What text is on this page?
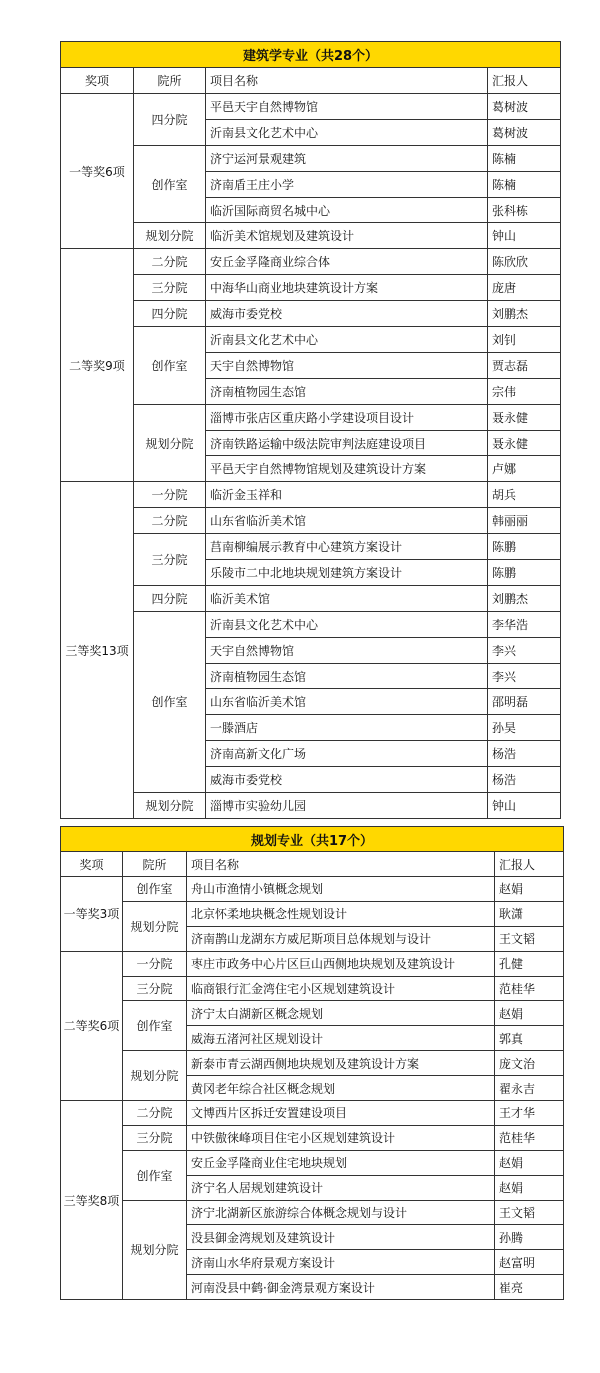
建筑学专业（共28个）			
奖项	院所	项目名称	汇报人
一等奖6项	四分院	平邑天宇自然博物馆	葛树波
		沂南县文化艺术中心	葛树波
	创作室	济宁运河景观建筑	陈楠
		济南盾王庄小学	陈楠
		临沂国际商贸名城中心	张科栋
	规划分院	临沂美术馆规划及建筑设计	钟山
二等奖9项	二分院	安丘金孚隆商业综合体	陈欣欣
	三分院	中海华山商业地块建筑设计方案	庞唐
	四分院	威海市委党校	刘鹏杰
	创作室	沂南县文化艺术中心	刘钊
		天宇自然博物馆	贾志磊
		济南植物园生态馆	宗伟
	规划分院	淄博市张店区重庆路小学建设项目设计	聂永健
		济南铁路运输中级法院审判法庭建设项目	聂永健
		平邑天宇自然博物馆规划及建筑设计方案	卢娜
三等奖13项	一分院	临沂金玉祥和	胡兵
	二分院	山东省临沂美术馆	韩丽丽
	三分院	莒南柳编展示教育中心建筑方案设计	陈鹏
		乐陵市二中北地块规划建筑方案设计	陈鹏
	四分院	临沂美术馆	刘鹏杰
	创作室	沂南县文化艺术中心	李华浩
		天宇自然博物馆	李兴
		济南植物园生态馆	李兴
		山东省临沂美术馆	邵明磊
		一滕酒店	孙昊
		济南高新文化广场	杨浩
		威海市委党校	杨浩
	规划分院	淄博市实验幼儿园	钟山
规划专业（共17个）			
奖项	院所	项目名称	汇报人
一等奖3项	创作室	舟山市渔情小镇概念规划	赵娟
	规划分院	北京怀柔地块概念性规划设计	耿潇
		济南鹊山龙湖东方威尼斯项目总体规划与设计	王文韬
二等奖6项	一分院	枣庄市政务中心片区巨山西侧地块规划及建筑设计	孔健
	三分院	临商银行汇金湾住宅小区规划建筑设计	范桂华
	创作室	济宁太白湖新区概念规划	赵娟
		威海五渚河社区规划设计	郭真
	规划分院	新泰市青云湖西侧地块规划及建筑设计方案	庞文治
		黄冈老年综合社区概念规划	翟永吉
三等奖8项	二分院	文博西片区拆迁安置建设项目	王才华
	三分院	中铁傲徕峰项目住宅小区规划建筑设计	范桂华
	创作室	安丘金孚隆商业住宅地块规划	赵娟
		济宁名人居规划建筑设计	赵娟
	规划分院	济宁北湖新区旅游综合体概念规划与设计	王文韬
		没县御金湾规划及建筑设计	孙腾
		济南山水华府景观方案设计	赵富明
		河南没县中鹤·御金湾景观方案设计	崔亮
